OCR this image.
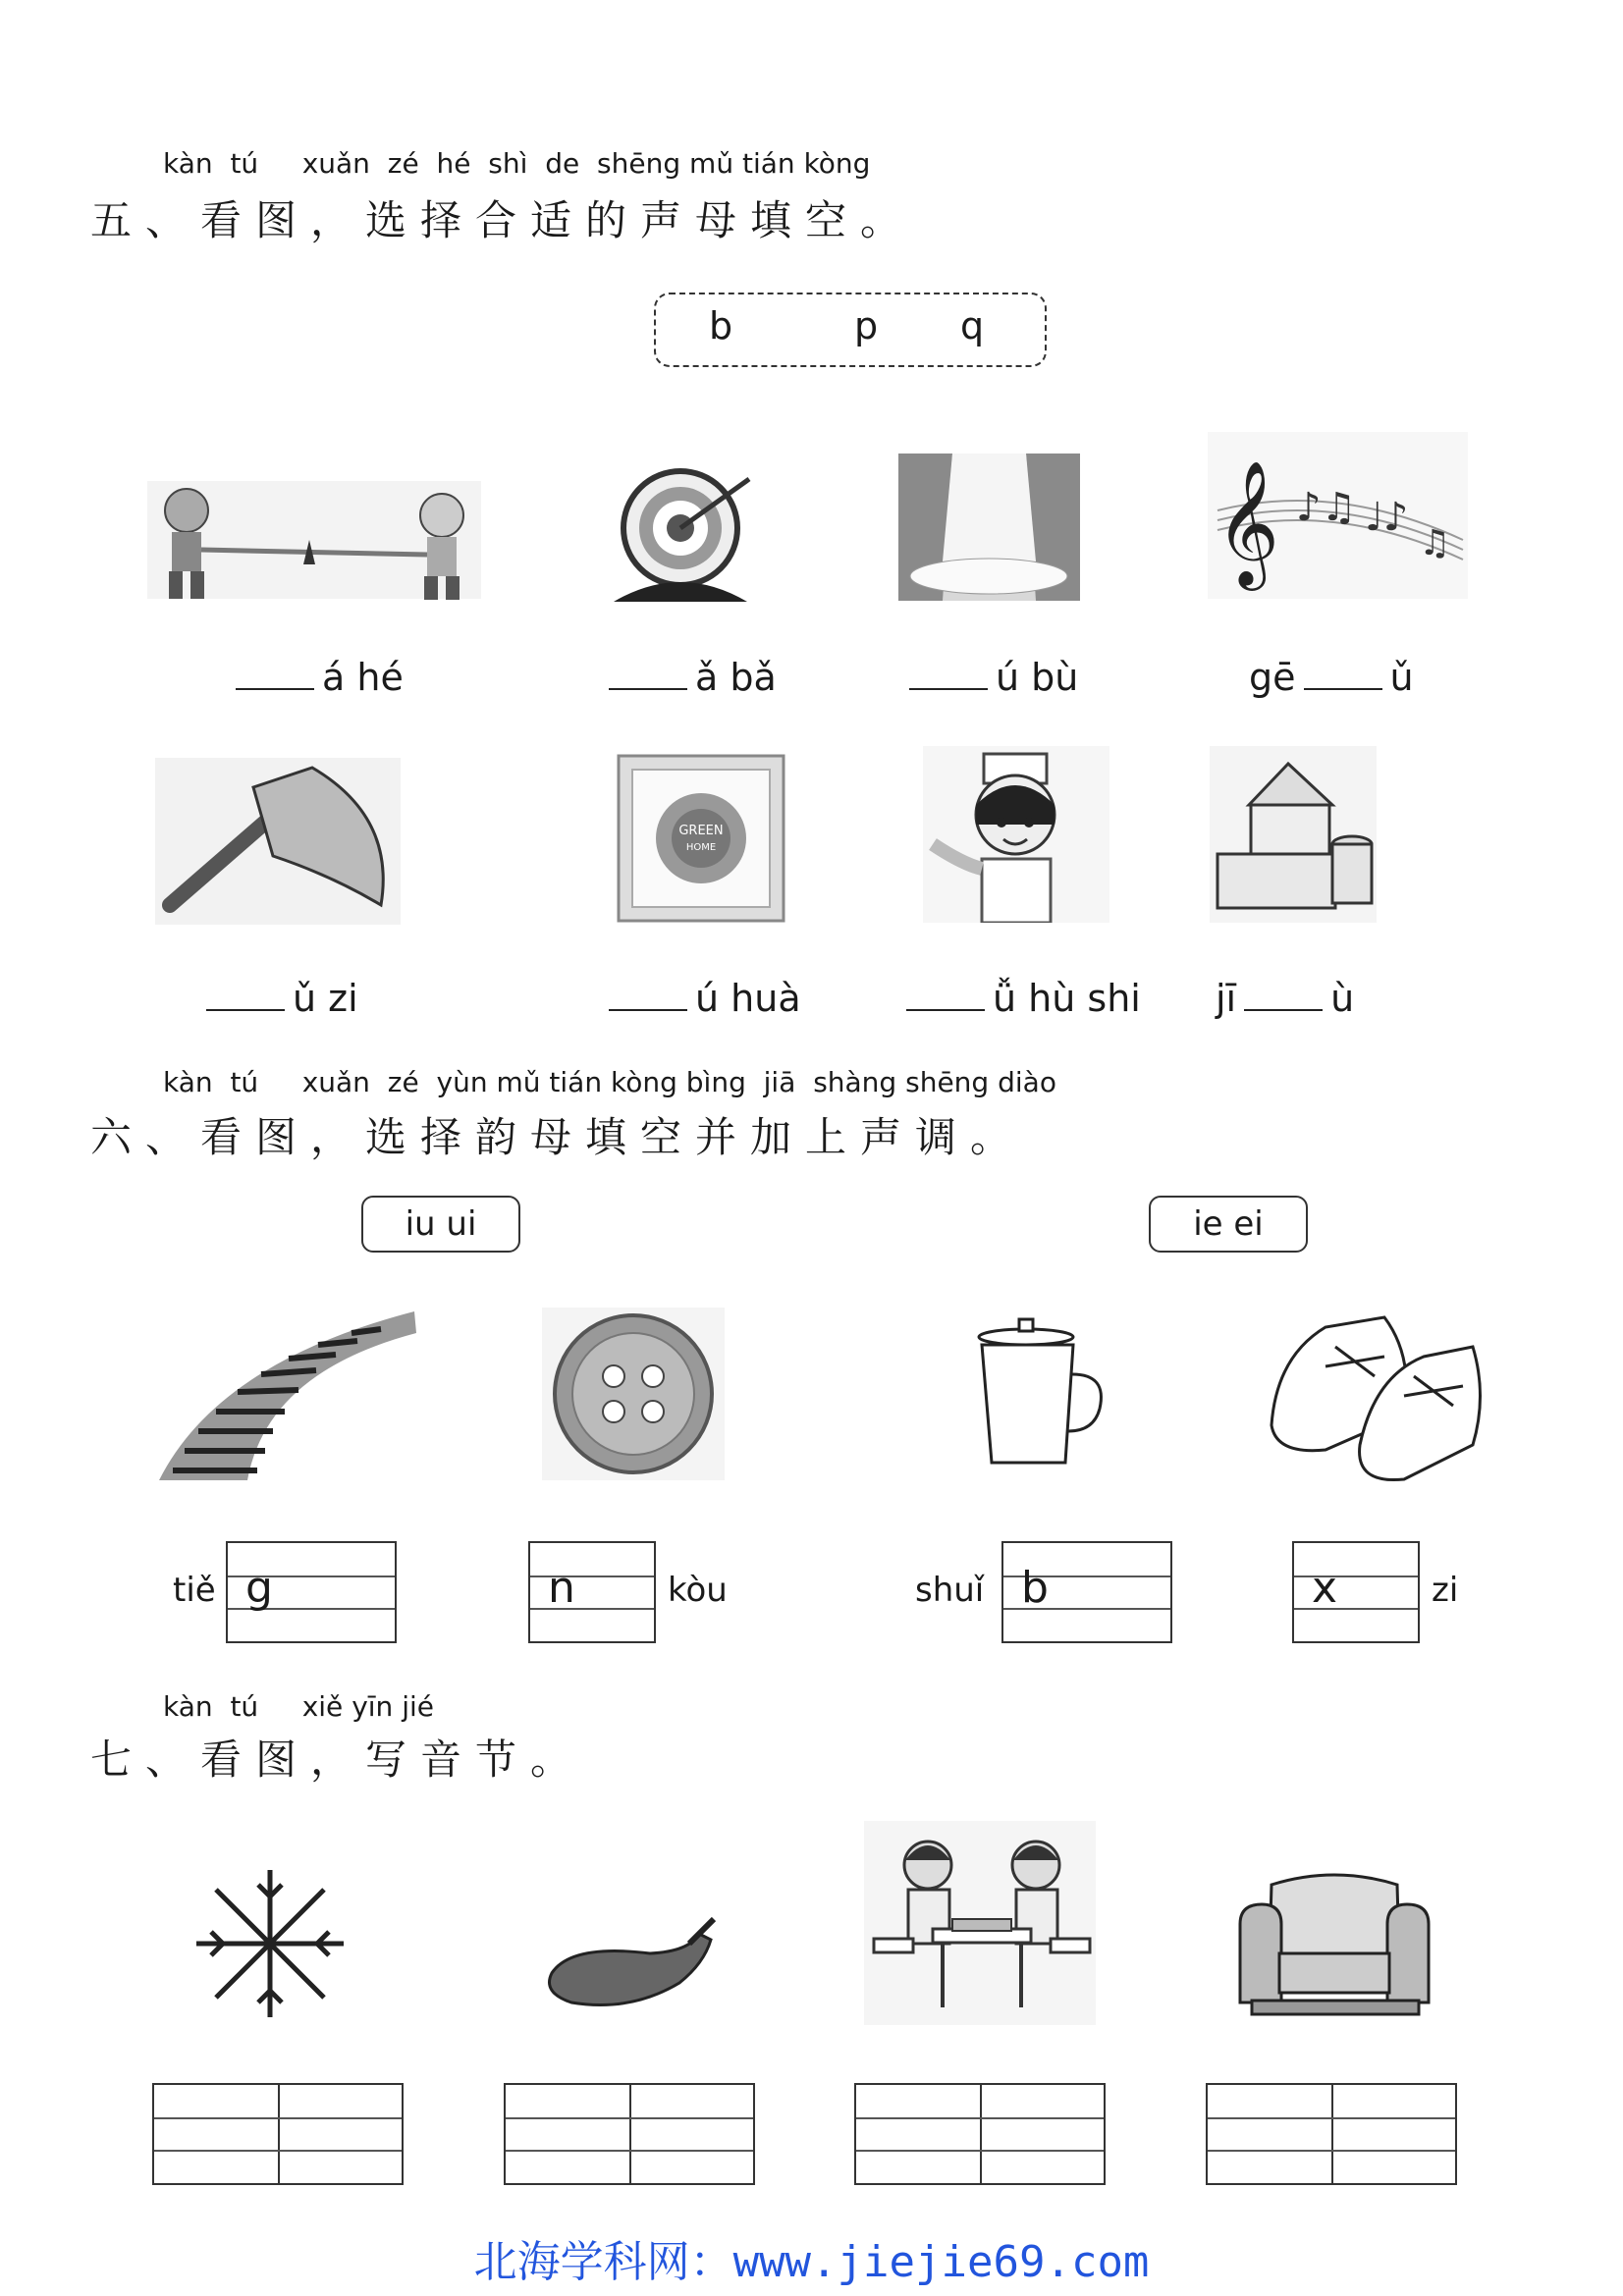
kàn tú xuǎn zé hé shì de shēng mǔ tián kòng
五、看图，选择合适的声母填空。
b	p q
𝄞 ♪♫ ♩♪
♫
á hé	ǎ bǎ	ú bù	gē	ǔ
GREEN
HOME
ǔ zi	ú huà	ǚ hù shi jī	ù
kàn tú xuǎn zé yùn mǔ tián kòng bìng jiā shàng shēng diào
六、看图，选择韵母填空并加上声调。
iu ui	ie ei
tiě g	n	kòu	shuǐ b	x	zi
kàn tú xiě yīn jié
七、看图，写音节。
北海学科网：www.jiejie69.com
